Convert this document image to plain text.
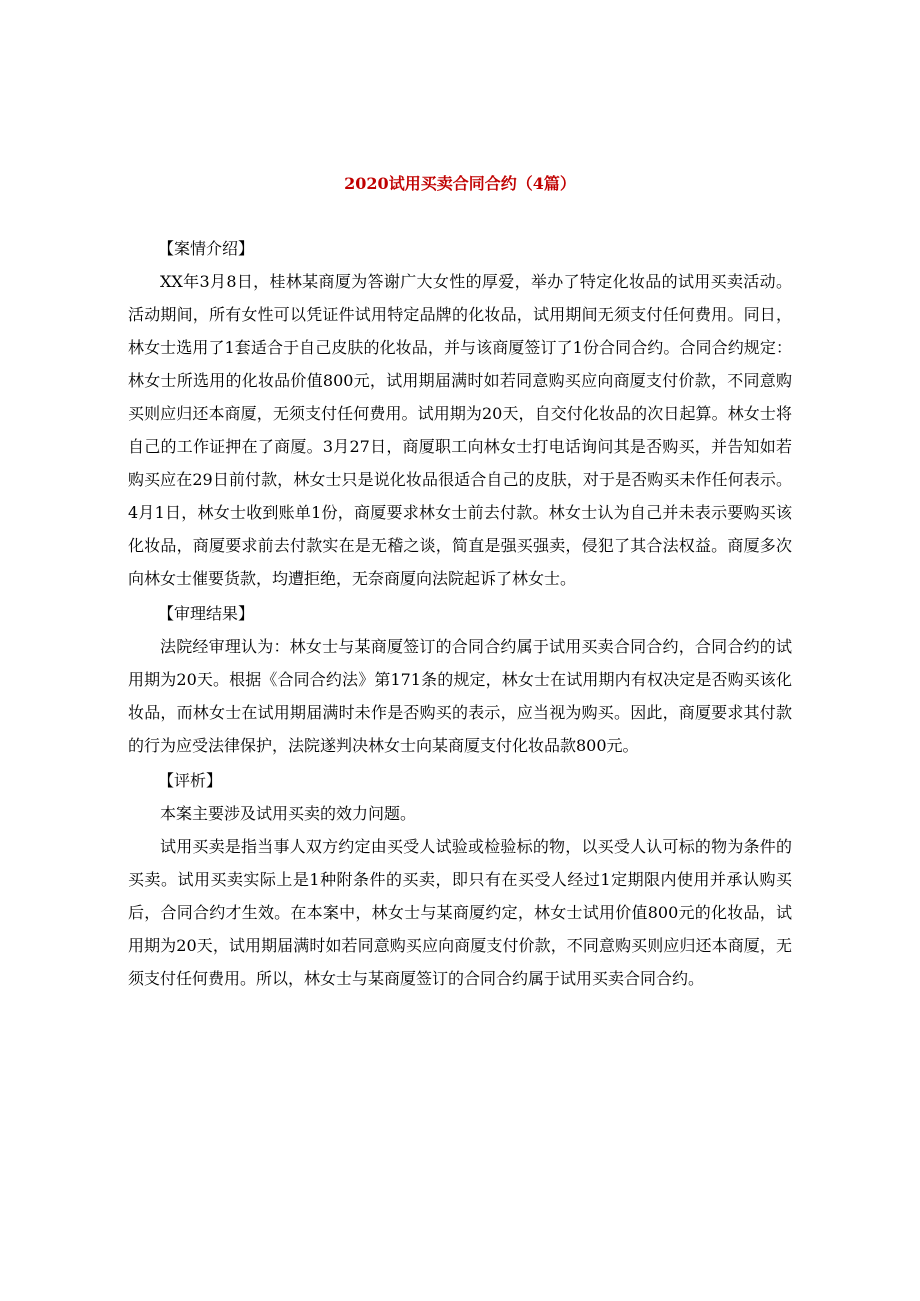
2020试用买卖合同合约（4篇）

【案情介绍】

XX年3月8日，桂林某商厦为答谢广大女性的厚爱，举办了特定化妆品的试用买卖活动。活动期间，所有女性可以凭证件试用特定品牌的化妆品，试用期间无须支付任何费用。同日，林女士选用了1套适合于自己皮肤的化妆品，并与该商厦签订了1份合同合约。合同合约规定：林女士所选用的化妆品价值800元，试用期届满时如若同意购买应向商厦支付价款，不同意购买则应归还本商厦，无须支付任何费用。试用期为20天，自交付化妆品的次日起算。林女士将自己的工作证押在了商厦。3月27日，商厦职工向林女士打电话询问其是否购买，并告知如若购买应在29日前付款，林女士只是说化妆品很适合自己的皮肤，对于是否购买未作任何表示。4月1日，林女士收到账单1份，商厦要求林女士前去付款。林女士认为自己并未表示要购买该化妆品，商厦要求前去付款实在是无稽之谈，简直是强买强卖，侵犯了其合法权益。商厦多次向林女士催要货款，均遭拒绝，无奈商厦向法院起诉了林女士。

【审理结果】

法院经审理认为：林女士与某商厦签订的合同合约属于试用买卖合同合约，合同合约的试用期为20天。根据《合同合约法》第171条的规定，林女士在试用期内有权决定是否购买该化妆品，而林女士在试用期届满时未作是否购买的表示，应当视为购买。因此，商厦要求其付款的行为应受法律保护，法院遂判决林女士向某商厦支付化妆品款800元。

【评析】

本案主要涉及试用买卖的效力问题。

试用买卖是指当事人双方约定由买受人试验或检验标的物，以买受人认可标的物为条件的买卖。试用买卖实际上是1种附条件的买卖，即只有在买受人经过1定期限内使用并承认购买后，合同合约才生效。在本案中，林女士与某商厦约定，林女士试用价值800元的化妆品，试用期为20天，试用期届满时如若同意购买应向商厦支付价款，不同意购买则应归还本商厦，无须支付任何费用。所以，林女士与某商厦签订的合同合约属于试用买卖合同合约。
